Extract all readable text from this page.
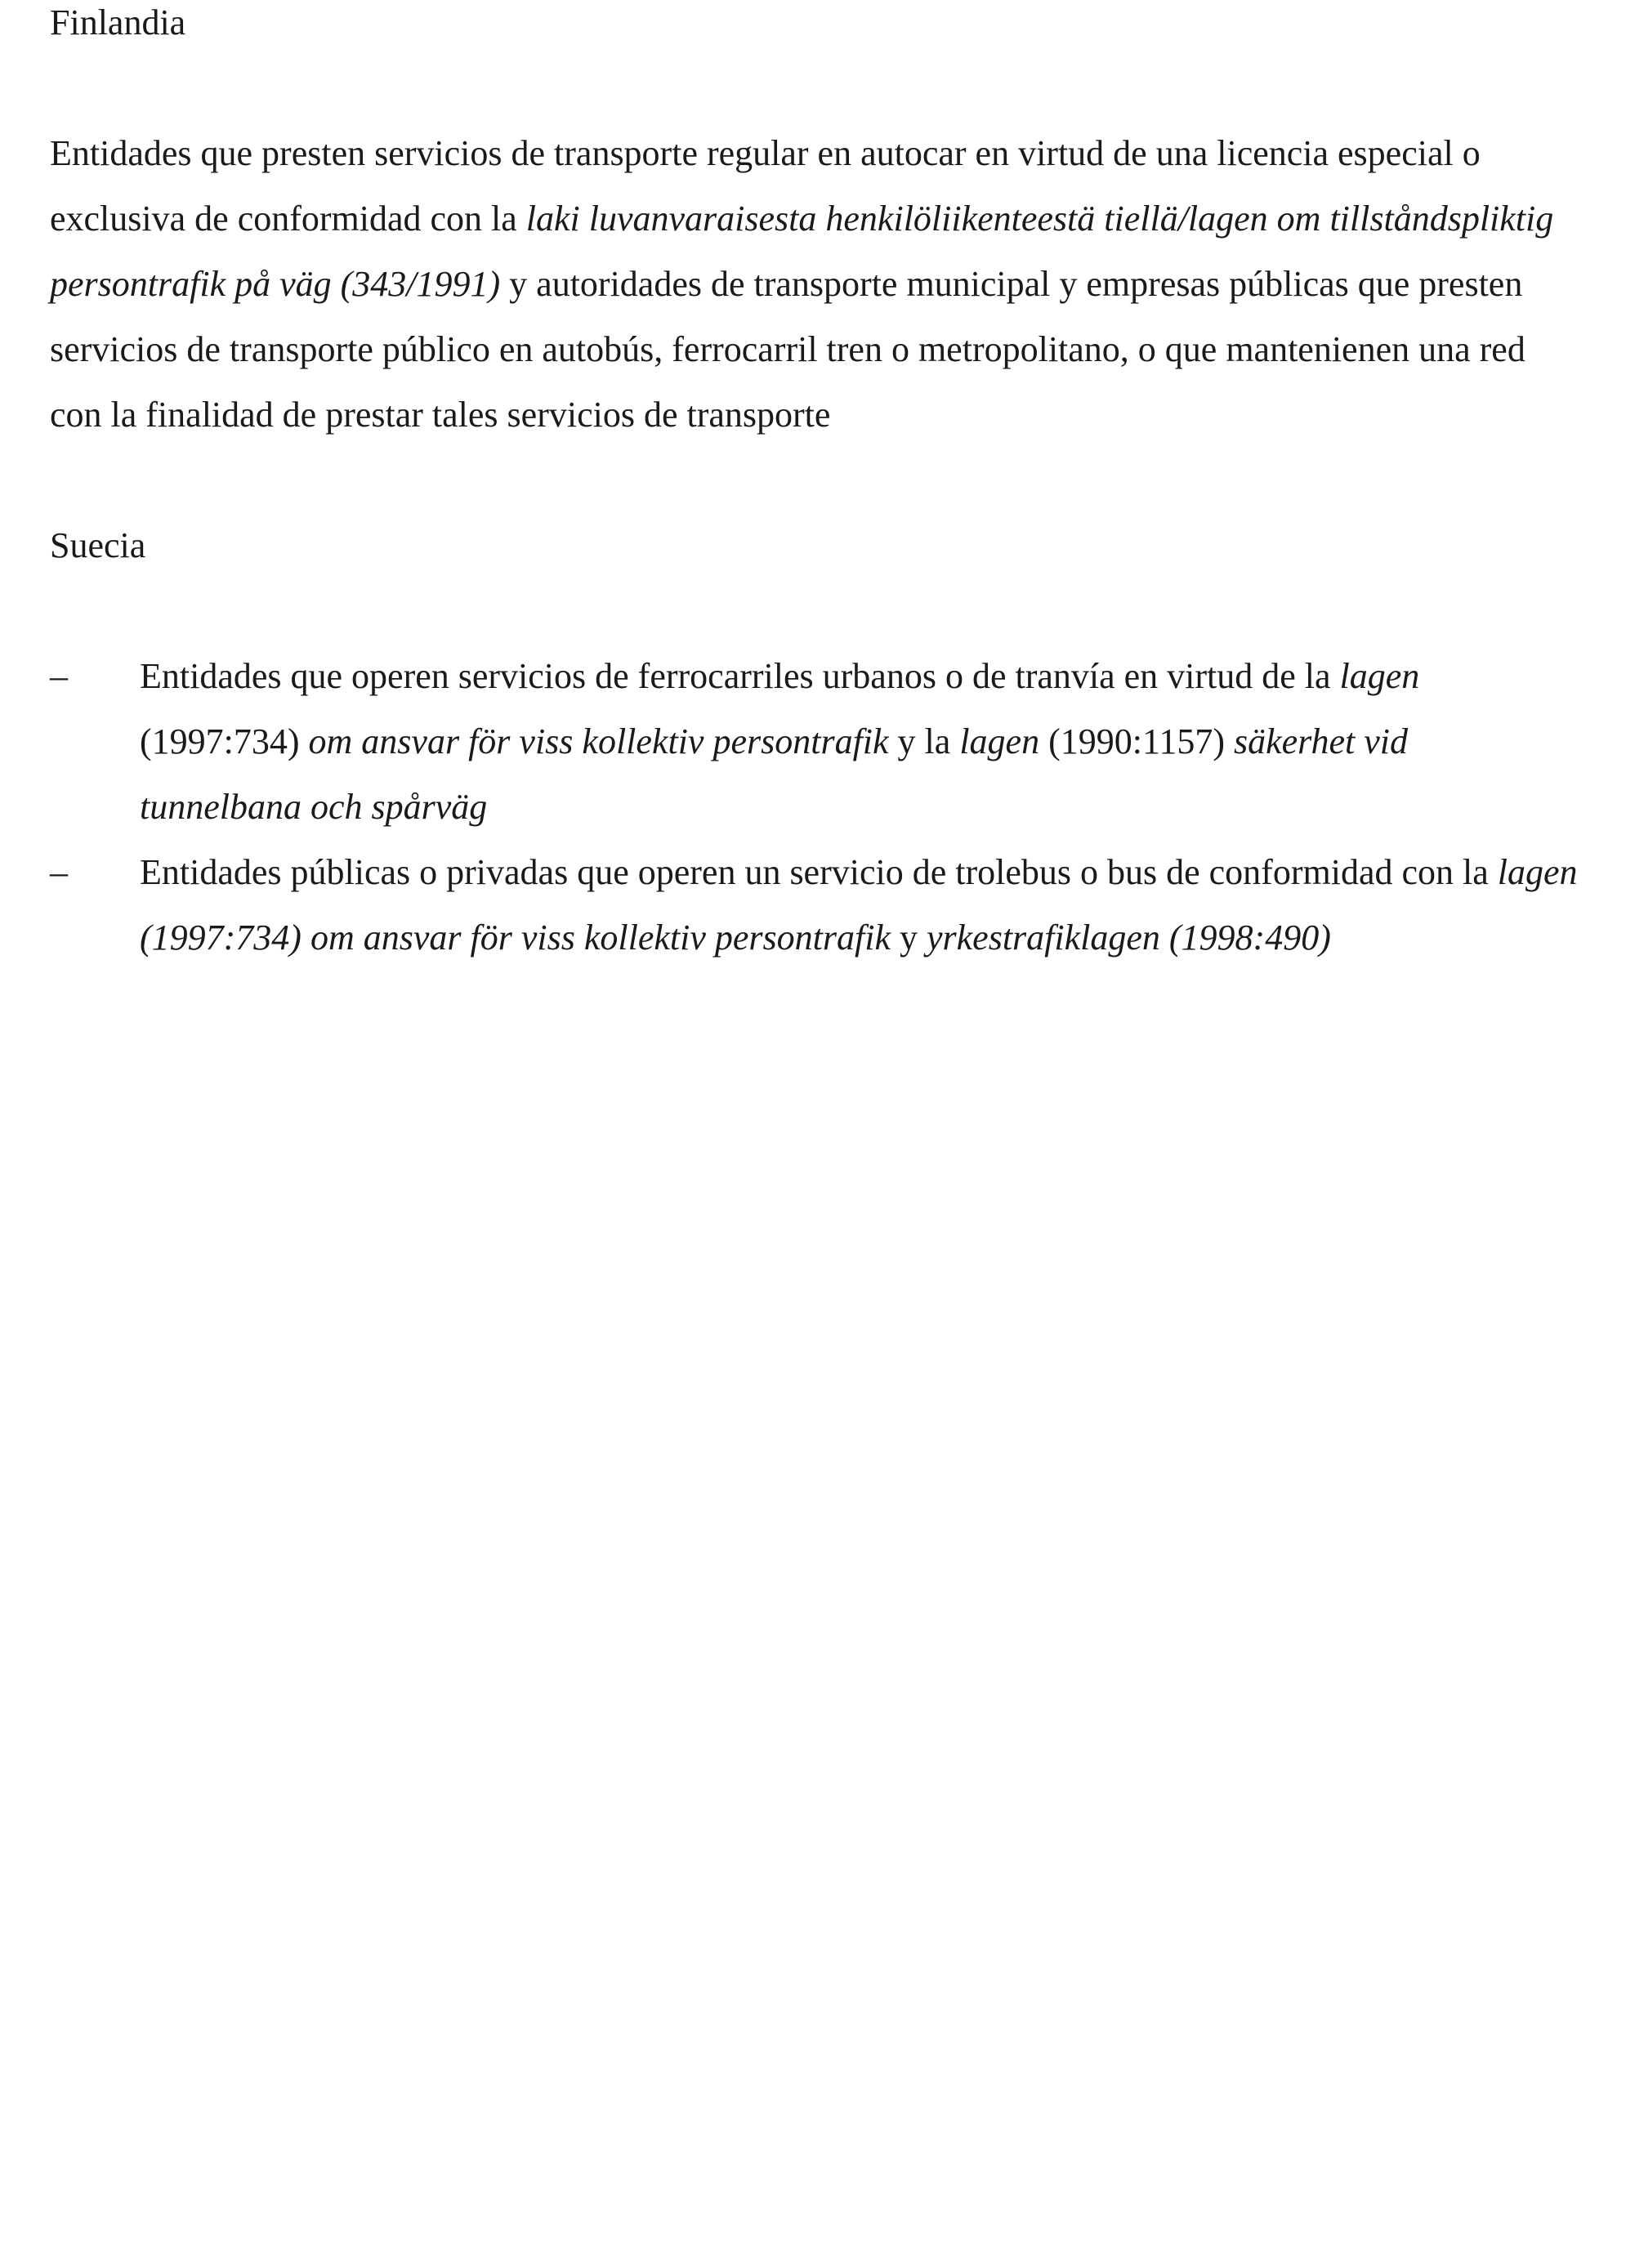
Finlandia

Entidades que presten servicios de transporte regular en autocar en virtud de una licencia especial o exclusiva de conformidad con la laki luvanvaraisesta henkilöliikenteestä tiellä/lagen om tillståndspliktig persontrafik på väg (343/1991) y autoridades de transporte municipal y empresas públicas que presten servicios de transporte público en autobús, ferrocarril tren o metropolitano, o que mantenienen una red con la finalidad de prestar tales servicios de transporte

Suecia
–	Entidades que operen servicios de ferrocarriles urbanos o de tranvía en virtud de la lagen (1997:734) om ansvar för viss kollektiv persontrafik y la lagen (1990:1157) säkerhet vid tunnelbana och spårväg
–	Entidades públicas o privadas que operen un servicio de trolebus o bus de conformidad con la lagen (1997:734) om ansvar för viss kollektiv persontrafik y yrkestrafiklagen (1998:490)
